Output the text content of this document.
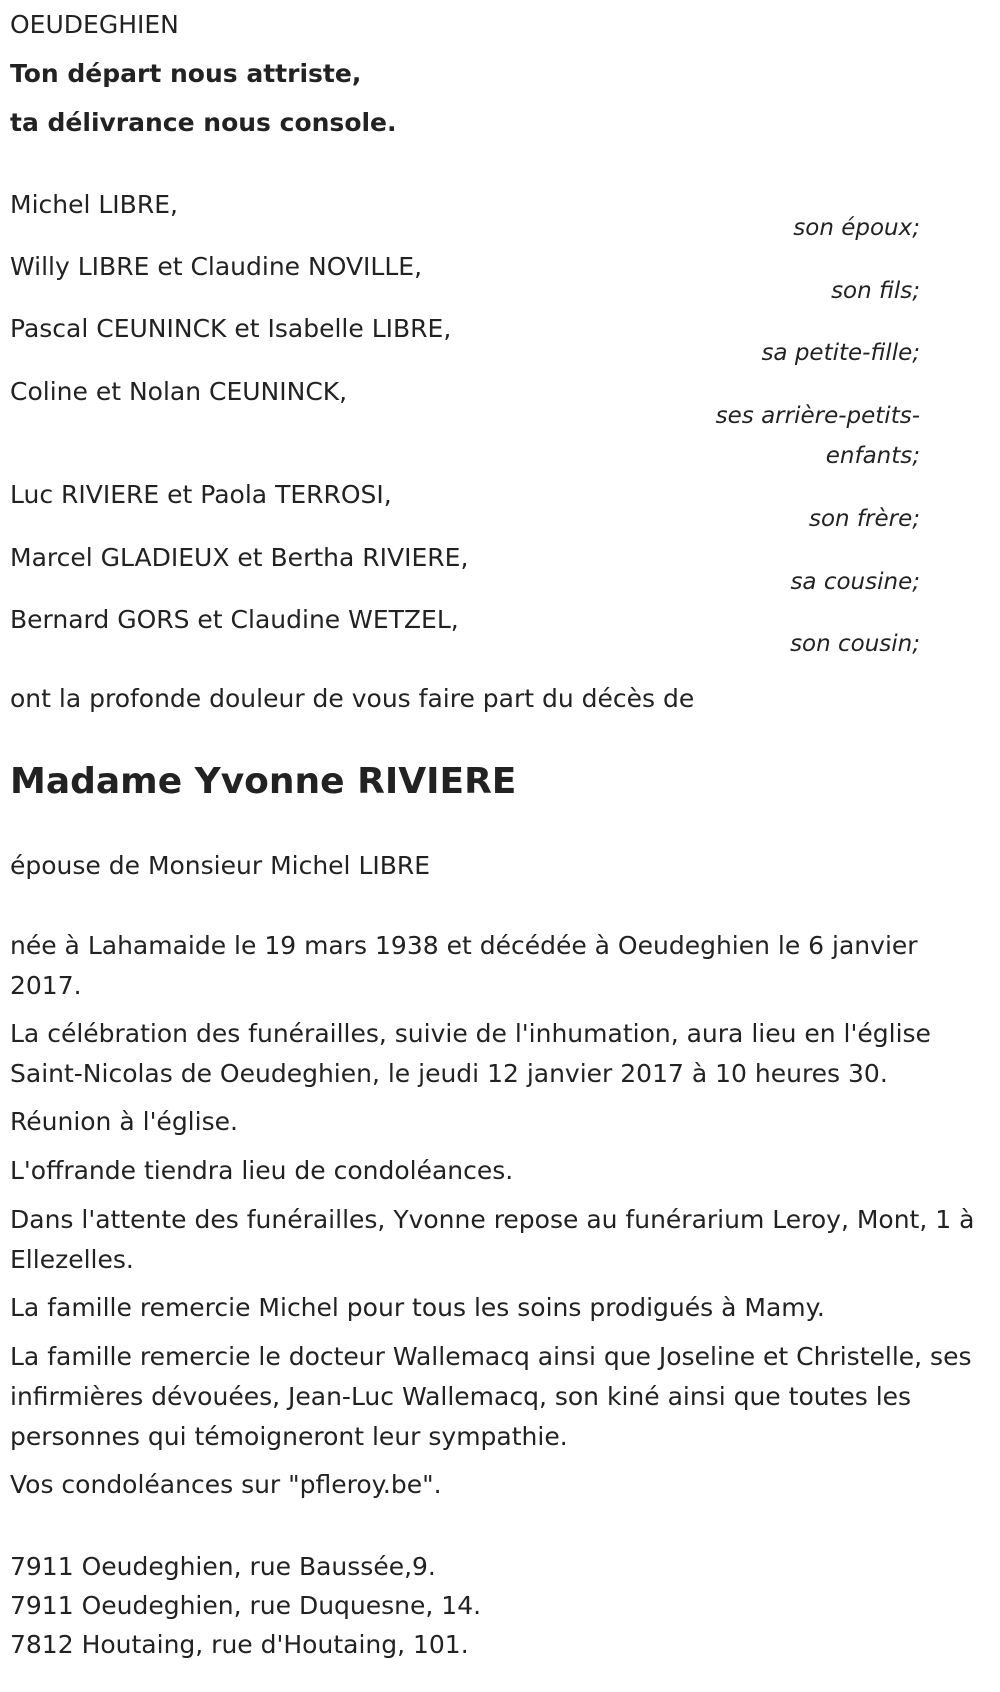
OEUDEGHIEN
Ton départ nous attriste,
ta délivrance nous console.
Michel LIBRE,
son époux;
Willy LIBRE et Claudine NOVILLE,
son fils;
Pascal CEUNINCK et Isabelle LIBRE,
sa petite-fille;
Coline et Nolan CEUNINCK,
ses arrière-petits-
enfants;
Luc RIVIERE et Paola TERROSI,
son frère;
Marcel GLADIEUX et Bertha RIVIERE,
sa cousine;
Bernard GORS et Claudine WETZEL,
son cousin;
ont la profonde douleur de vous faire part du décès de
Madame Yvonne RIVIERE
épouse de Monsieur Michel LIBRE
née à Lahamaide le 19 mars 1938 et décédée à Oeudeghien le 6 janvier 2017.
La célébration des funérailles, suivie de l'inhumation, aura lieu en l'église Saint-Nicolas de Oeudeghien, le jeudi 12 janvier 2017 à 10 heures 30.
Réunion à l'église.
L'offrande tiendra lieu de condoléances.
Dans l'attente des funérailles, Yvonne repose au funérarium Leroy, Mont, 1 à Ellezelles.
La famille remercie Michel pour tous les soins prodigués à Mamy.
La famille remercie le docteur Wallemacq ainsi que Joseline et Christelle, ses infirmières dévouées, Jean-Luc Wallemacq, son kiné ainsi que toutes les personnes qui témoigneront leur sympathie.
Vos condoléances sur "pfleroy.be".
7911 Oeudeghien, rue Baussée,9.
7911 Oeudeghien, rue Duquesne, 14.
7812 Houtaing, rue d'Houtaing, 101.
